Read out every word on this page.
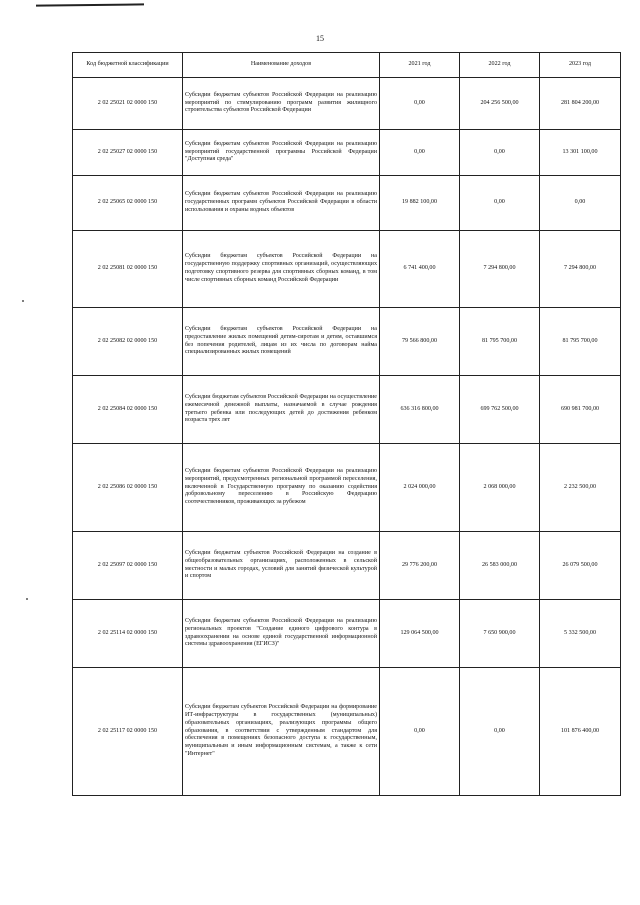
15
Код бюджетной классификации	Наименование доходов	2021 год	2022 год	2023 год
2 02 25021 02 0000 150	Субсидии бюджетам субъектов Российской Федерации на реализацию мероприятий по стимулированию программ развития жилищного строительства субъектов Российской Федерации	0,00	204 256 500,00	281 804 200,00
2 02 25027 02 0000 150	Субсидии бюджетам субъектов Российской Федерации на реализацию мероприятий государственной программы Российской Федерации "Доступная среда"	0,00	0,00	13 301 100,00
2 02 25065 02 0000 150	Субсидии бюджетам субъектов Российской Федерации на реализацию государственных программ субъектов Российской Федерации в области использования и охраны водных объектов	19 882 100,00	0,00	0,00
2 02 25081 02 0000 150	Субсидии бюджетам субъектов Российской Федерации на государственную поддержку спортивных организаций, осуществляющих подготовку спортивного резерва для спортивных сборных команд, в том числе спортивных сборных команд Российской Федерации	6 741 400,00	7 294 800,00	7 294 800,00
2 02 25082 02 0000 150	Субсидии бюджетам субъектов Российской Федерации на предоставление жилых помещений детям-сиротам и детям, оставшимся без попечения родителей, лицам из их числа по договорам найма специализированных жилых помещений	79 566 800,00	81 795 700,00	81 795 700,00
2 02 25084 02 0000 150	Субсидии бюджетам субъектов Российской Федерации на осуществление ежемесячной денежной выплаты, назначаемой в случае рождения третьего ребенка или последующих детей до достижения ребенком возраста трех лет	636 316 800,00	699 762 500,00	690 981 700,00
2 02 25086 02 0000 150	Субсидии бюджетам субъектов Российской Федерации на реализацию мероприятий, предусмотренных региональной программой переселения, включенной в Государственную программу по оказанию содействия добровольному переселению в Российскую Федерацию соотечественников, проживающих за рубежом	2 024 000,00	2 068 000,00	2 232 500,00
2 02 25097 02 0000 150	Субсидии бюджетам субъектов Российской Федерации на создание в общеобразовательных организациях, расположенных в сельской местности и малых городах, условий для занятий физической культурой и спортом	29 776 200,00	26 583 000,00	26 079 500,00
2 02 25114 02 0000 150	Субсидии бюджетам субъектов Российской Федерации на реализацию региональных проектов "Создание единого цифрового контура в здравоохранении на основе единой государственной информационной системы здравоохранения (ЕГИСЗ)"	129 064 500,00	7 650 900,00	5 332 500,00
2 02 25117 02 0000 150	Субсидии бюджетам субъектов Российской Федерации на формирование ИТ-инфраструктуры в государственных (муниципальных) образовательных организациях, реализующих программы общего образования, в соответствии с утвержденным стандартом для обеспечения в помещениях безопасного доступа к государственным, муниципальным и иным информационным системам, а также к сети "Интернет"	0,00	0,00	101 876 400,00
